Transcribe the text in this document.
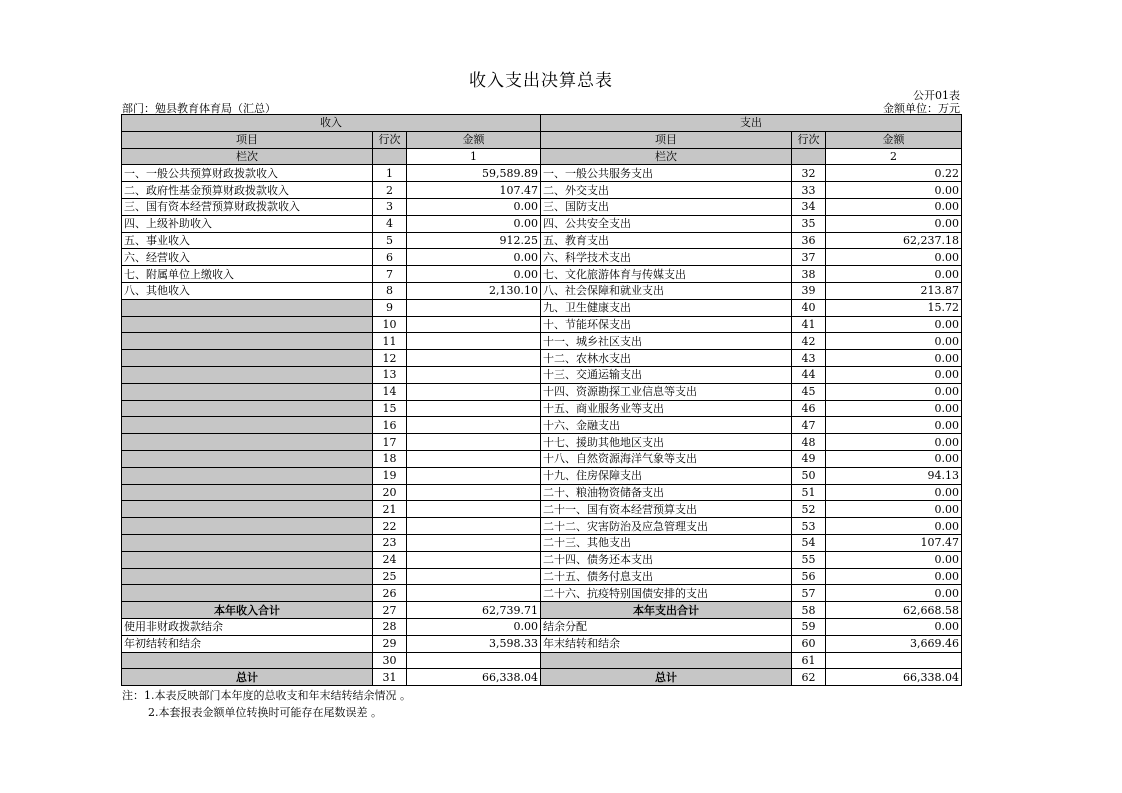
收入支出决算总表
公开01表
部门：勉县教育体育局（汇总）	金额单位：万元
收入			支出		
项目	行次	金额	项目	行次	金额
栏次		1	栏次		2
一、一般公共预算财政拨款收入	1	59,589.89	一、一般公共服务支出	32	0.22
二、政府性基金预算财政拨款收入	2	107.47	二、外交支出	33	0.00
三、国有资本经营预算财政拨款收入	3	0.00	三、国防支出	34	0.00
四、上级补助收入	4	0.00	四、公共安全支出	35	0.00
五、事业收入	5	912.25	五、教育支出	36	62,237.18
六、经营收入	6	0.00	六、科学技术支出	37	0.00
七、附属单位上缴收入	7	0.00	七、文化旅游体育与传媒支出	38	0.00
八、其他收入	8	2,130.10	八、社会保障和就业支出	39	213.87
	9		九、卫生健康支出	40	15.72
	10		十、节能环保支出	41	0.00
	11		十一、城乡社区支出	42	0.00
	12		十二、农林水支出	43	0.00
	13		十三、交通运输支出	44	0.00
	14		十四、资源勘探工业信息等支出	45	0.00
	15		十五、商业服务业等支出	46	0.00
	16		十六、金融支出	47	0.00
	17		十七、援助其他地区支出	48	0.00
	18		十八、自然资源海洋气象等支出	49	0.00
	19		十九、住房保障支出	50	94.13
	20		二十、粮油物资储备支出	51	0.00
	21		二十一、国有资本经营预算支出	52	0.00
	22		二十二、灾害防治及应急管理支出	53	0.00
	23		二十三、其他支出	54	107.47
	24		二十四、债务还本支出	55	0.00
	25		二十五、债务付息支出	56	0.00
	26		二十六、抗疫特别国债安排的支出	57	0.00
本年收入合计	27	62,739.71	本年支出合计	58	62,668.58
使用非财政拨款结余	28	0.00	结余分配	59	0.00
年初结转和结余	29	3,598.33	年末结转和结余	60	3,669.46
	30			61	
总计	31	66,338.04	总计	62	66,338.04
注：1.本表反映部门本年度的总收支和年末结转结余情况 。
2.本套报表金额单位转换时可能存在尾数误差 。
